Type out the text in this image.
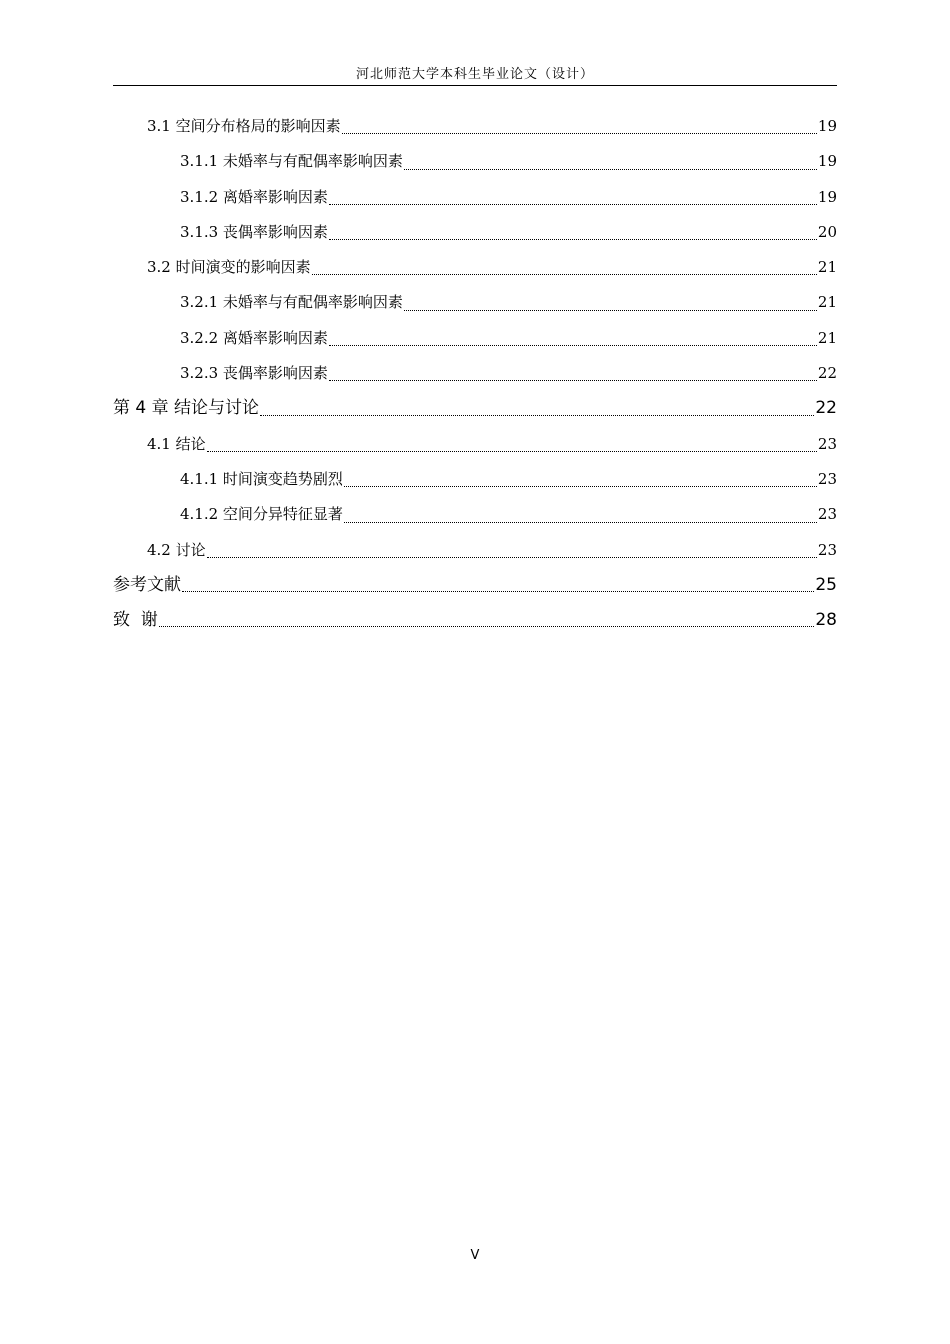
河北师范大学本科生毕业论文（设计）
3.1 空间分布格局的影响因素	19
3.1.1 未婚率与有配偶率影响因素	19
3.1.2 离婚率影响因素	19
3.1.3 丧偶率影响因素	20
3.2 时间演变的影响因素	21
3.2.1 未婚率与有配偶率影响因素	21
3.2.2 离婚率影响因素	21
3.2.3 丧偶率影响因素	22
第 4 章 结论与讨论	22
4.1 结论	23
4.1.1 时间演变趋势剧烈	23
4.1.2 空间分异特征显著	23
4.2 讨论	23
参考文献	25
致  谢	28
V
